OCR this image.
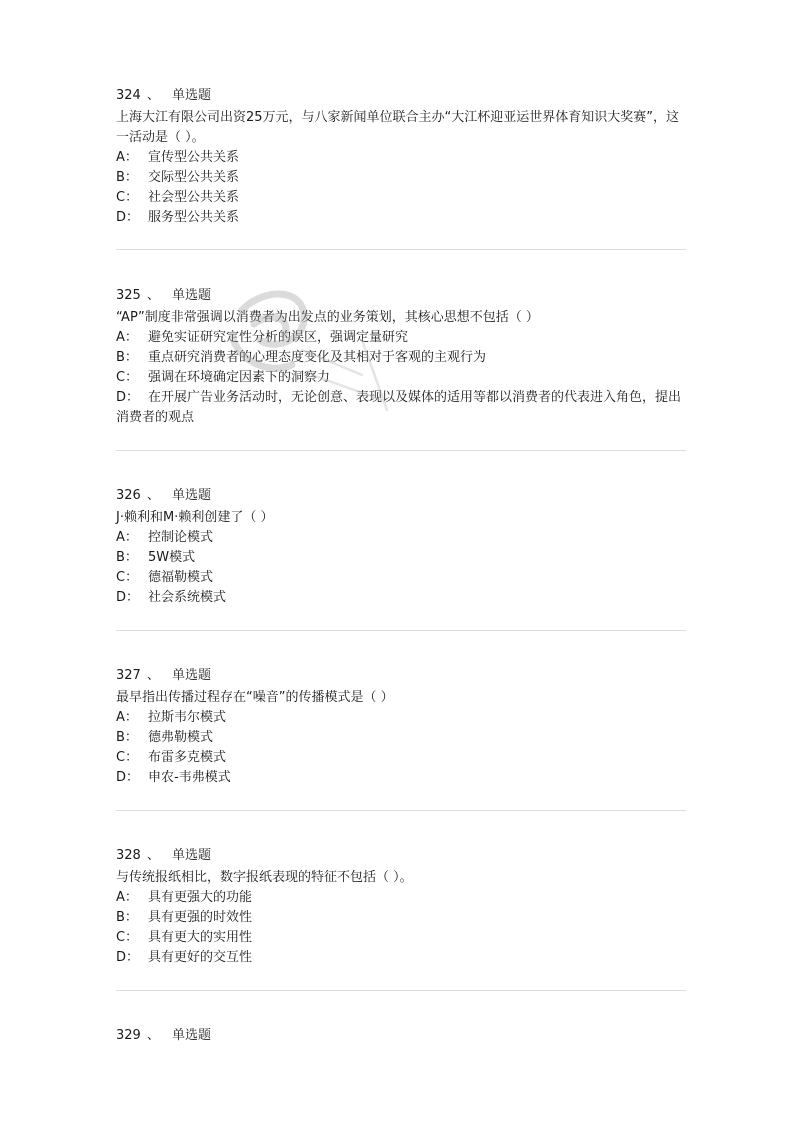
324 、 单选题
上海大江有限公司出资25万元，与八家新闻单位联合主办“大江杯迎亚运世界体育知识大奖赛”，这一活动是（ ）。
A： 宣传型公共关系
B： 交际型公共关系
C： 社会型公共关系
D： 服务型公共关系
325 、 单选题
“AP”制度非常强调以消费者为出发点的业务策划，其核心思想不包括（ ）
A： 避免实证研究定性分析的误区，强调定量研究
B： 重点研究消费者的心理态度变化及其相对于客观的主观行为
C： 强调在环境确定因素下的洞察力
D： 在开展广告业务活动时，无论创意、表现以及媒体的适用等都以消费者的代表进入角色，提出消费者的观点
326 、 单选题
J·赖利和M·赖利创建了（ ）
A： 控制论模式
B： 5W模式
C： 德福勒模式
D： 社会系统模式
327 、 单选题
最早指出传播过程存在“噪音”的传播模式是（ ）
A： 拉斯韦尔模式
B： 德弗勒模式
C： 布雷多克模式
D： 申农-韦弗模式
328 、 单选题
与传统报纸相比，数字报纸表现的特征不包括（ ）。
A： 具有更强大的功能
B： 具有更强的时效性
C： 具有更大的实用性
D： 具有更好的交互性
329 、 单选题
